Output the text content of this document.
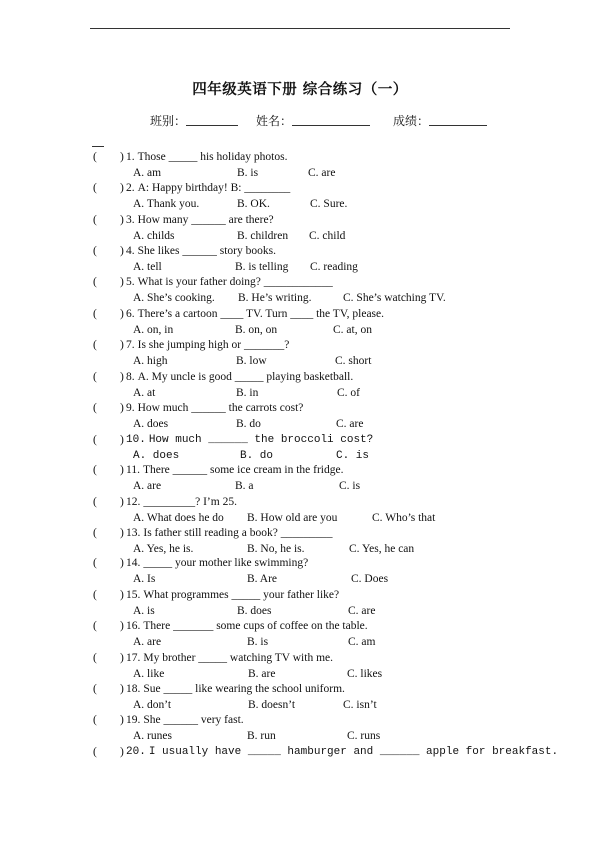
四年级英语下册 综合练习（一）
班别：	姓名：	成绩：
( ) 1. Those _____ his holiday photos.
A. am	B. is	C. are
( ) 2. A: Happy birthday! B: ________
A. Thank you.	B. OK.	C. Sure.
( ) 3. How many ______ are there?
A. childs	B. children C. child
( ) 4. She likes ______ story books.
A. tell	B. is telling C. reading
( ) 5. What is your father doing? ____________
A. She’s cooking. B. He’s writing.	C. She’s watching TV.
( ) 6. There’s a cartoon ____ TV. Turn ____ the TV, please.
A. on, in	B. on, on	C. at, on
( ) 7. Is she jumping high or _______?
A. high	B. low	C. short
( ) 8. A. My uncle is good _____ playing basketball.
A. at	B. in	C. of
( ) 9. How much ______ the carrots cost?
A. does	B. do	C. are
( ) 10. How much ______ the broccoli cost?
A. does	B. do	C. is
( ) 11. There ______ some ice cream in the fridge.
A. are	B. a	C. is
( ) 12. _________? I’m 25.
A. What does he do B. How old are you	C. Who’s that
( ) 13. Is father still reading a book? _________
A. Yes, he is.	B. No, he is.	C. Yes, he can
( ) 14. _____ your mother like swimming?
A. Is	B. Are	C. Does
( ) 15. What programmes _____ your father like?
A. is	B. does	C. are
( ) 16. There _______ some cups of coffee on the table.
A. are	B. is	C. am
( ) 17. My brother _____ watching TV with me.
A. like	B. are	C. likes
( ) 18. Sue _____ like wearing the school uniform.
A. don’t	B. doesn’t	C. isn’t
( ) 19. She ______ very fast.
A. runes	B. run	C. runs
( ) 20. I usually have _____ hamburger and ______ apple for breakfast.
